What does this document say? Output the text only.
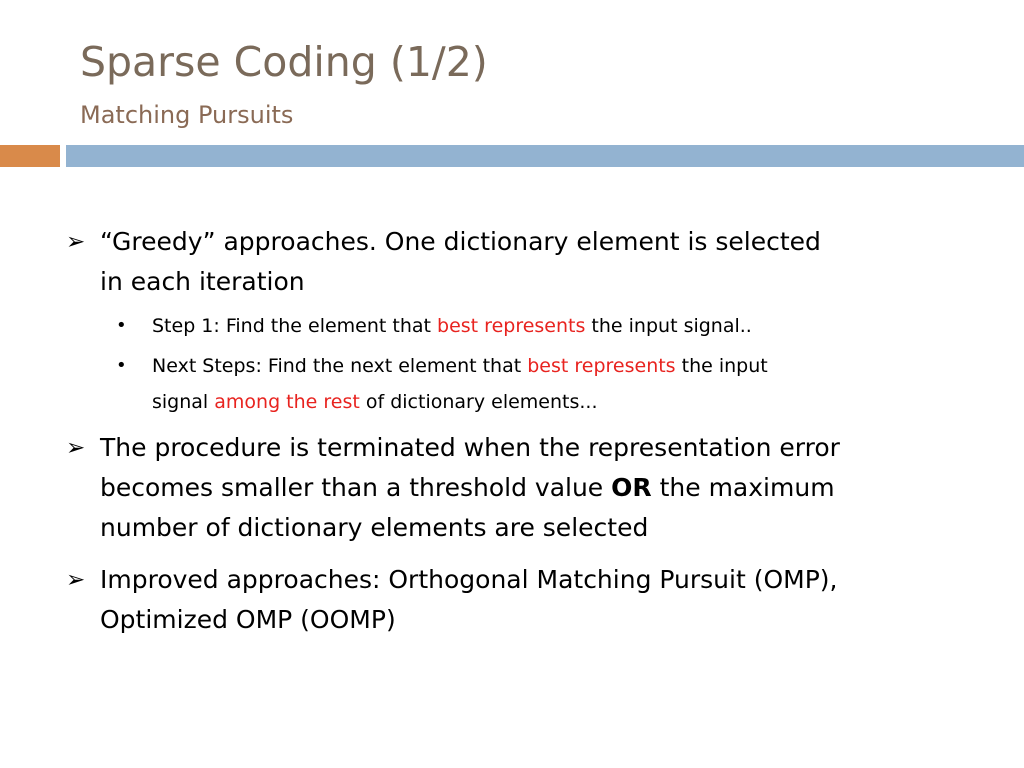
Sparse Coding (1/2)
Matching Pursuits
➢ “Greedy” approaches. One dictionary element is selected
in each iteration
• Step 1: Find the element that best represents the input signal..
• Next Steps: Find the next element that best represents the input
signal among the rest of dictionary elements...
➢ The procedure is terminated when the representation error
becomes smaller than a threshold value OR the maximum
number of dictionary elements are selected
➢ Improved approaches: Orthogonal Matching Pursuit (OMP),
Optimized OMP (OOMP)
